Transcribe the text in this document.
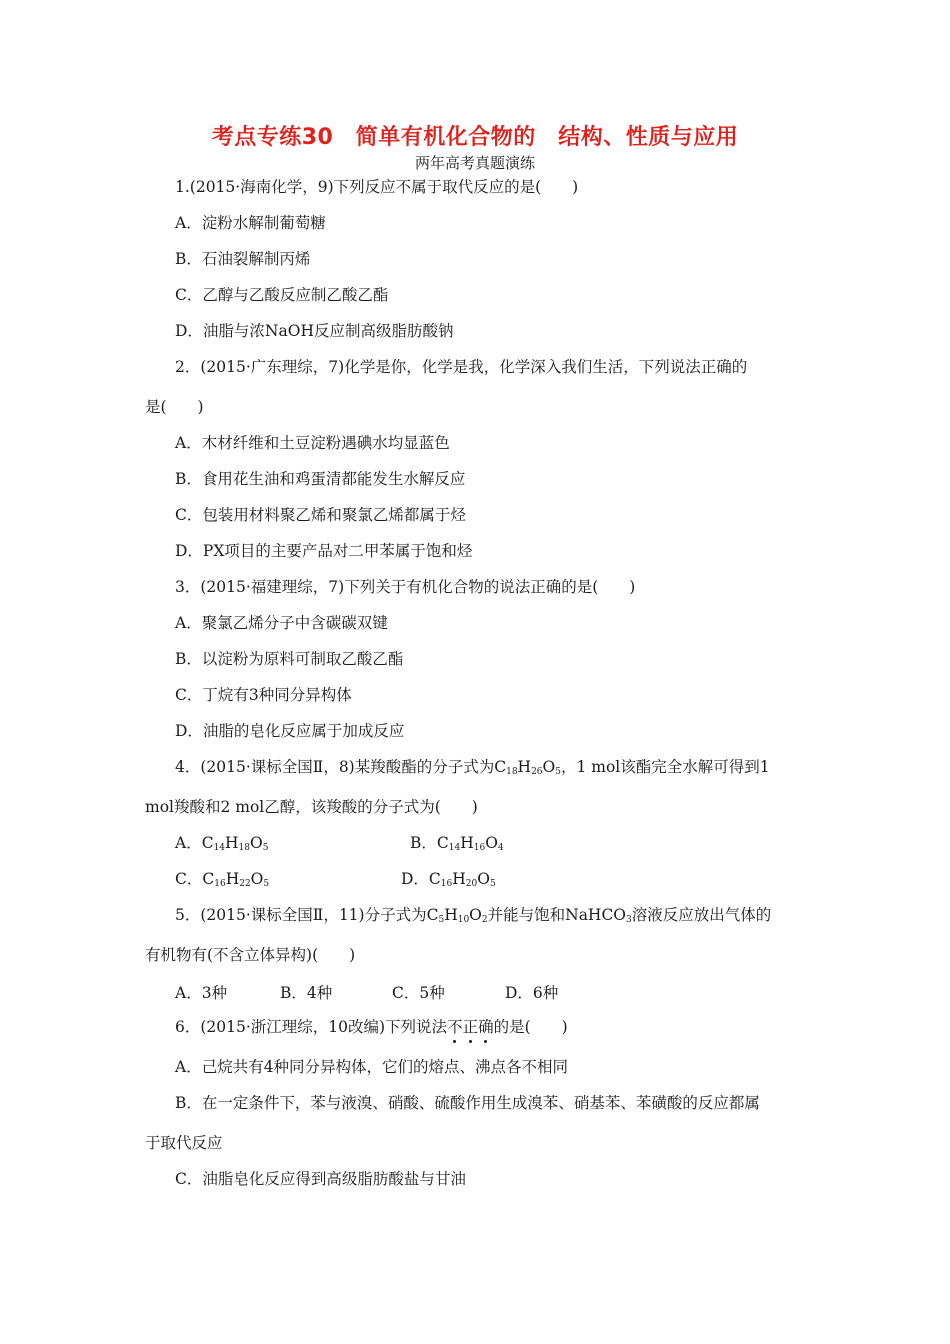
考点专练30　简单有机化合物的　结构、性质与应用
两年高考真题演练
1.(2015·海南化学，9)下列反应不属于取代反应的是(　　)
A．淀粉水解制葡萄糖
B．石油裂解制丙烯
C．乙醇与乙酸反应制乙酸乙酯
D．油脂与浓NaOH反应制高级脂肪酸钠
2．(2015·广东理综，7)化学是你，化学是我，化学深入我们生活，下列说法正确的
是(　　)
A．木材纤维和土豆淀粉遇碘水均显蓝色
B．食用花生油和鸡蛋清都能发生水解反应
C．包装用材料聚乙烯和聚氯乙烯都属于烃
D．PX项目的主要产品对二甲苯属于饱和烃
3．(2015·福建理综，7)下列关于有机化合物的说法正确的是(　　)
A．聚氯乙烯分子中含碳碳双键
B．以淀粉为原料可制取乙酸乙酯
C．丁烷有3种同分异构体
D．油脂的皂化反应属于加成反应
4．(2015·课标全国Ⅱ，8)某羧酸酯的分子式为$C_{18}H_{26}O_5$，1 mol该酯完全水解可得到1
mol羧酸和2 mol乙醇，该羧酸的分子式为(　　)
A．$C_{14}H_{18}O_5$	B．$C_{14}H_{16}O_4$
C．$C_{16}H_{22}O_5$	D．$C_{16}H_{20}O_5$
5．(2015·课标全国Ⅱ，11)分子式为$C_5H_{10}O_2$并能与饱和NaHCO$_3$溶液反应放出气体的
有机物有(不含立体异构)(　　)
A．3种	B．4种	C．5种	D．6种
6．(2015·浙江理综，10改编)下列说法不正确的是(　　)
A．己烷共有4种同分异构体，它们的熔点、沸点各不相同
B．在一定条件下，苯与液溴、硝酸、硫酸作用生成溴苯、硝基苯、苯磺酸的反应都属
于取代反应
C．油脂皂化反应得到高级脂肪酸盐与甘油
